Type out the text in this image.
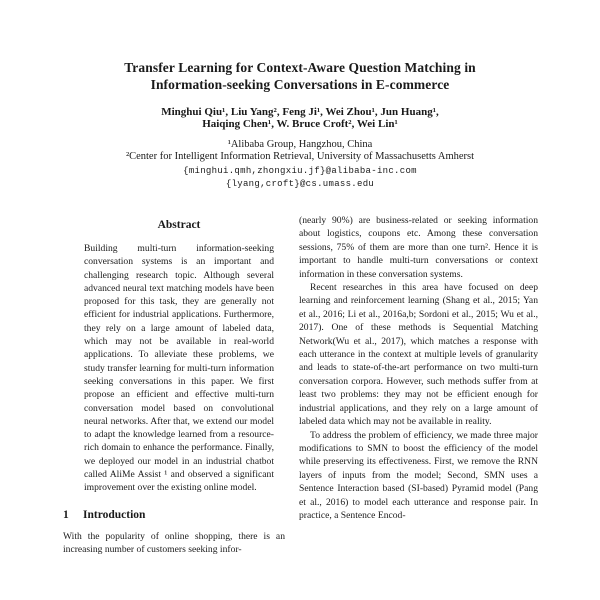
Transfer Learning for Context-Aware Question Matching in
Information-seeking Conversations in E-commerce
Minghui Qiu¹, Liu Yang², Feng Ji¹, Wei Zhou¹, Jun Huang¹,
Haiqing Chen¹, W. Bruce Croft², Wei Lin¹
¹Alibaba Group, Hangzhou, China
²Center for Intelligent Information Retrieval, University of Massachusetts Amherst
{minghui.qmh,zhongxiu.jf}@alibaba-inc.com
{lyang,croft}@cs.umass.edu
Abstract
Building multi-turn information-seeking conversation systems is an important and challenging research topic. Although several advanced neural text matching models have been proposed for this task, they are generally not efficient for industrial applications. Furthermore, they rely on a large amount of labeled data, which may not be available in real-world applications. To alleviate these problems, we study transfer learning for multi-turn information seeking conversations in this paper. We first propose an efficient and effective multi-turn conversation model based on convolutional neural networks. After that, we extend our model to adapt the knowledge learned from a resource-rich domain to enhance the performance. Finally, we deployed our model in an industrial chatbot called AliMe Assist ¹ and observed a significant improvement over the existing online model.
1	Introduction
With the popularity of online shopping, there is an increasing number of customers seeking infor-

(nearly 90%) are business-related or seeking information about logistics, coupons etc. Among these conversation sessions, 75% of them are more than one turn². Hence it is important to handle multi-turn conversations or context information in these conversation systems.

Recent researches in this area have focused on deep learning and reinforcement learning (Shang et al., 2015; Yan et al., 2016; Li et al., 2016a,b; Sordoni et al., 2015; Wu et al., 2017). One of these methods is Sequential Matching Network(Wu et al., 2017), which matches a response with each utterance in the context at multiple levels of granularity and leads to state-of-the-art performance on two multi-turn conversation corpora. However, such methods suffer from at least two problems: they may not be efficient enough for industrial applications, and they rely on a large amount of labeled data which may not be available in reality.

To address the problem of efficiency, we made three major modifications to SMN to boost the efficiency of the model while preserving its effectiveness. First, we remove the RNN layers of inputs from the model; Second, SMN uses a Sentence Interaction based (SI-based) Pyramid model (Pang et al., 2016) to model each utterance and response pair. In practice, a Sentence Encod-
